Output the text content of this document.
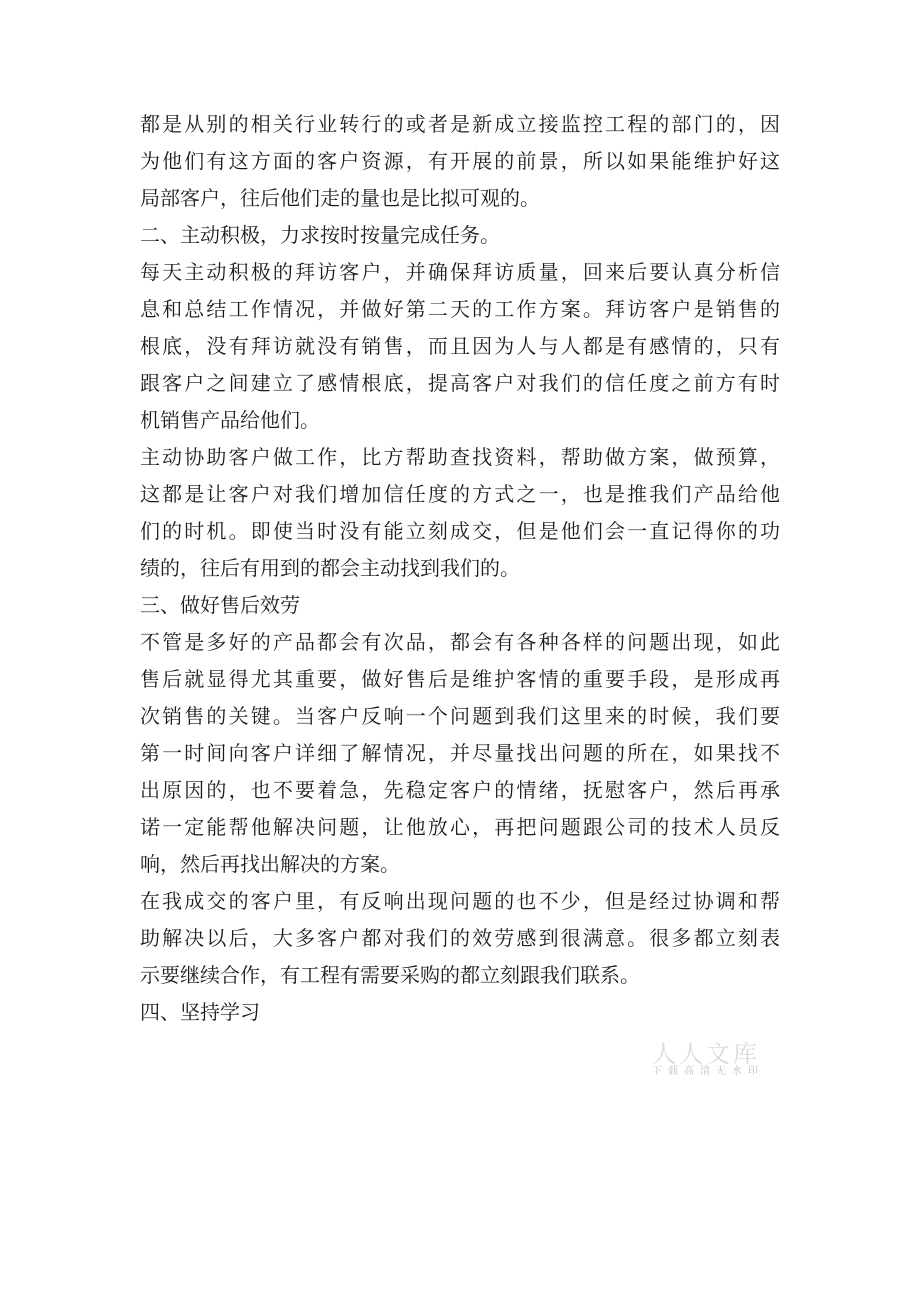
都是从别的相关行业转行的或者是新成立接监控工程的部门的，因
为他们有这方面的客户资源，有开展的前景，所以如果能维护好这
局部客户，往后他们走的量也是比拟可观的。
二、主动积极，力求按时按量完成任务。
每天主动积极的拜访客户，并确保拜访质量，回来后要认真分析信
息和总结工作情况，并做好第二天的工作方案。拜访客户是销售的
根底，没有拜访就没有销售，而且因为人与人都是有感情的，只有
跟客户之间建立了感情根底，提高客户对我们的信任度之前方有时
机销售产品给他们。
主动协助客户做工作，比方帮助查找资料，帮助做方案，做预算，
这都是让客户对我们增加信任度的方式之一，也是推我们产品给他
们的时机。即使当时没有能立刻成交，但是他们会一直记得你的功
绩的，往后有用到的都会主动找到我们的。
三、做好售后效劳
不管是多好的产品都会有次品，都会有各种各样的问题出现，如此
售后就显得尤其重要，做好售后是维护客情的重要手段，是形成再
次销售的关键。当客户反响一个问题到我们这里来的时候，我们要
第一时间向客户详细了解情况，并尽量找出问题的所在，如果找不
出原因的，也不要着急，先稳定客户的情绪，抚慰客户，然后再承
诺一定能帮他解决问题，让他放心，再把问题跟公司的技术人员反
响，然后再找出解决的方案。
在我成交的客户里，有反响出现问题的也不少，但是经过协调和帮
助解决以后，大多客户都对我们的效劳感到很满意。很多都立刻表
示要继续合作，有工程有需要采购的都立刻跟我们联系。
四、坚持学习
人人文库
下载高清无水印
